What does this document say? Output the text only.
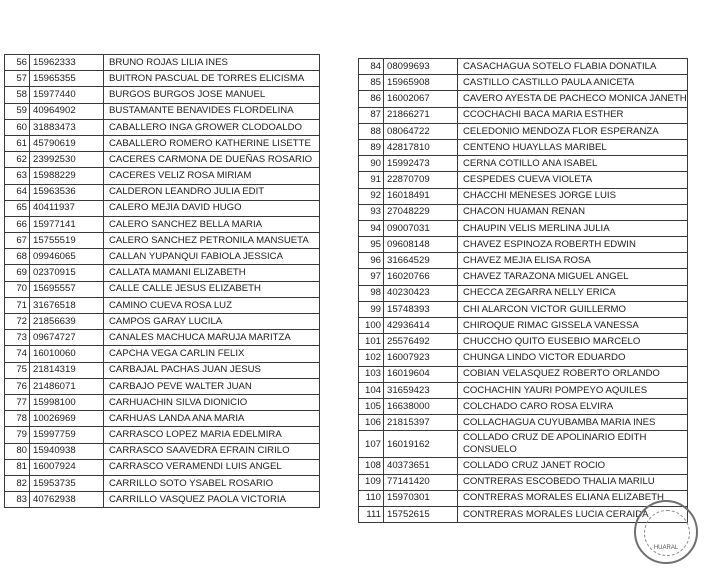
56	15962333	BRUNO ROJAS LILIA INES
57	15965355	BUITRON PASCUAL DE TORRES ELICISMA
58	15977440	BURGOS BURGOS JOSE MANUEL
59	40964902	BUSTAMANTE BENAVIDES FLORDELINA
60	31883473	CABALLERO INGA GROWER CLODOALDO
61	45790619	CABALLERO ROMERO KATHERINE LISETTE
62	23992530	CACERES CARMONA DE DUEÑAS ROSARIO
63	15988229	CACERES VELIZ ROSA MIRIAM
64	15963536	CALDERON LEANDRO JULIA EDIT
65	40411937	CALERO MEJIA DAVID HUGO
66	15977141	CALERO SANCHEZ BELLA MARIA
67	15755519	CALERO SANCHEZ PETRONILA MANSUETA
68	09946065	CALLAN YUPANQUI FABIOLA JESSICA
69	02370915	CALLATA MAMANI ELIZABETH
70	15695557	CALLE CALLE JESUS ELIZABETH
71	31676518	CAMINO CUEVA ROSA LUZ
72	21856639	CAMPOS GARAY LUCILA
73	09674727	CANALES MACHUCA MARUJA MARITZA
74	16010060	CAPCHA VEGA CARLIN FELIX
75	21814319	CARBAJAL PACHAS JUAN JESUS
76	21486071	CARBAJO PEVE WALTER JUAN
77	15998100	CARHUACHIN SILVA DIONICIO
78	10026969	CARHUAS LANDA ANA MARIA
79	15997759	CARRASCO LOPEZ MARIA EDELMIRA
80	15940938	CARRASCO SAAVEDRA EFRAIN CIRILO
81	16007924	CARRASCO VERAMENDI LUIS ANGEL
82	15953735	CARRILLO SOTO YSABEL ROSARIO
83	40762938	CARRILLO VASQUEZ PAOLA VICTORIA
84	08099693	CASACHAGUA SOTELO FLABIA DONATILA
85	15965908	CASTILLO CASTILLO PAULA ANICETA
86	16002067	CAVERO AYESTA DE PACHECO MONICA JANETH
87	21866271	CCOCHACHI BACA MARIA ESTHER
88	08064722	CELEDONIO MENDOZA FLOR ESPERANZA
89	42817810	CENTENO HUAYLLAS MARIBEL
90	15992473	CERNA COTILLO ANA ISABEL
91	22870709	CESPEDES CUEVA VIOLETA
92	16018491	CHACCHI MENESES JORGE LUIS
93	27048229	CHACON HUAMAN RENAN
94	09007031	CHAUPIN VELIS MERLINA JULIA
95	09608148	CHAVEZ ESPINOZA ROBERTH EDWIN
96	31664529	CHAVEZ MEJIA ELISA ROSA
97	16020766	CHAVEZ TARAZONA MIGUEL ANGEL
98	40230423	CHECCA ZEGARRA NELLY ERICA
99	15748393	CHI ALARCON VICTOR GUILLERMO
100	42936414	CHIROQUE RIMAC GISSELA VANESSA
101	25576492	CHUCCHO QUITO EUSEBIO MARCELO
102	16007923	CHUNGA LINDO VICTOR EDUARDO
103	16019604	COBIAN VELASQUEZ ROBERTO ORLANDO
104	31659423	COCHACHIN YAURI POMPEYO AQUILES
105	16638000	COLCHADO CARO ROSA ELVIRA
106	21815397	COLLACHAGUA CUYUBAMBA MARIA INES
107	16019162	COLLADO CRUZ DE APOLINARIO EDITH CONSUELO
108	40373651	COLLADO CRUZ JANET ROCIO
109	77141420	CONTRERAS ESCOBEDO THALIA MARILU
110	15970301	CONTRERAS MORALES ELIANA ELIZABETH
111	15752615	CONTRERAS MORALES LUCIA CERAIDA
HUARAL
